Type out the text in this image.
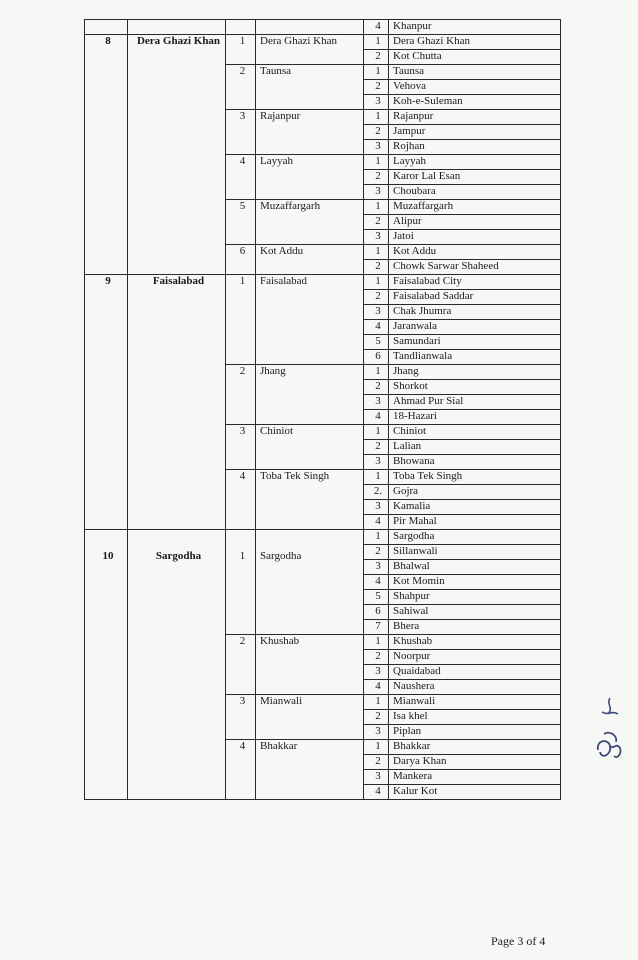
				4	Khanpur
8	Dera Ghazi Khan	1	Dera Ghazi Khan	1	Dera Ghazi Khan
				2	Kot Chutta
		2	Taunsa	1	Taunsa
				2	Vehova
				3	Koh-e-Suleman
		3	Rajanpur	1	Rajanpur
				2	Jampur
				3	Rojhan
		4	Layyah	1	Layyah
				2	Karor Lal Esan
				3	Choubara
		5	Muzaffargarh	1	Muzaffargarh
				2	Alipur
				3	Jatoi
		6	Kot Addu	1	Kot Addu
				2	Chowk Sarwar Shaheed
9	Faisalabad	1	Faisalabad	1	Faisalabad City
				2	Faisalabad Saddar
				3	Chak Jhumra
				4	Jaranwala
				5	Samundari
				6	Tandlianwala
		2	Jhang	1	Jhang
				2	Shorkot
				3	Ahmad Pur Sial
				4	18-Hazari
		3	Chiniot	1	Chiniot
				2	Lalian
				3	Bhowana
		4	Toba Tek Singh	1	Toba Tek Singh
				2.	Gojra
				3	Kamalia
				4	Pir Mahal
10	Sargodha	1	Sargodha	1	Sargodha
				2	Sillanwali
				3	Bhalwal
				4	Kot Momin
				5	Shahpur
				6	Sahiwal
				7	Bhera
		2	Khushab	1	Khushab
				2	Noorpur
				3	Quaidabad
				4	Naushera
		3	Mianwali	1	Mianwali
				2	Isa khel
				3	Piplan
		4	Bhakkar	1	Bhakkar
				2	Darya Khan
				3	Mankera
				4	Kalur Kot
Page 3 of 4
